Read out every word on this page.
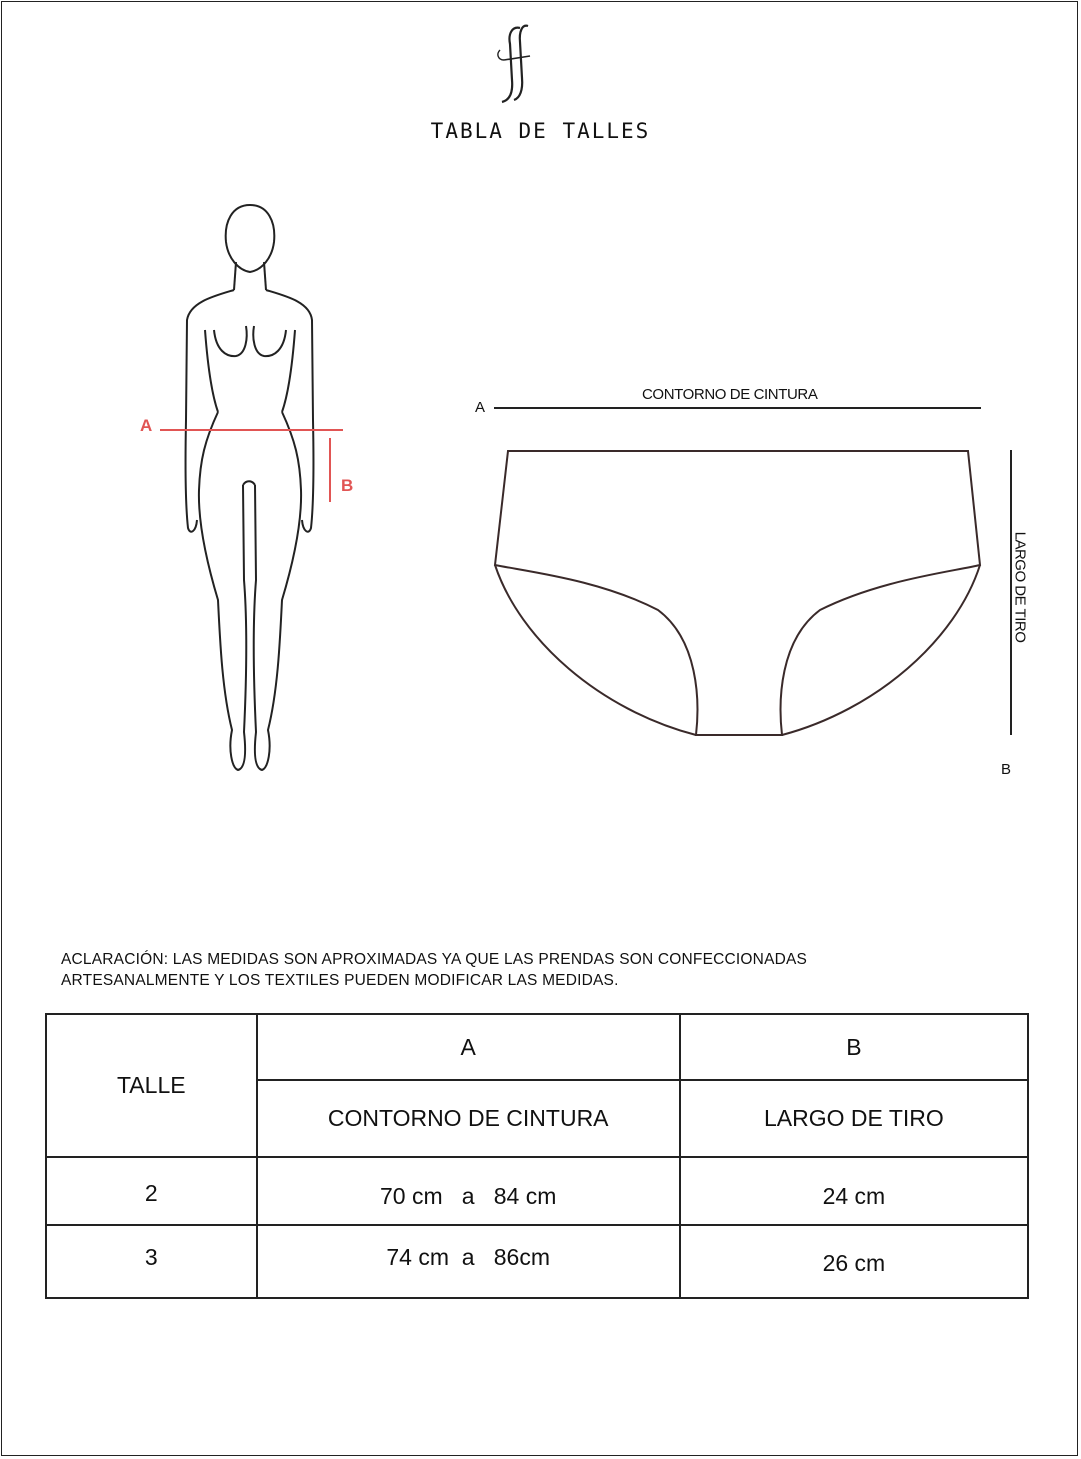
TABLA DE TALLES
A
B
A
CONTORNO DE CINTURA
LARGO DE TIRO
B
ACLARACIÓN: LAS MEDIDAS SON APROXIMADAS YA QUE LAS PRENDAS SON CONFECCIONADAS
ARTESANALMENTE Y LOS TEXTILES PUEDEN MODIFICAR LAS MEDIDAS.
TALLE	A	B
	CONTORNO DE CINTURA	LARGO DE TIRO
2	70 cm   a   84 cm	24 cm
3	74 cm  a   86cm	26 cm
